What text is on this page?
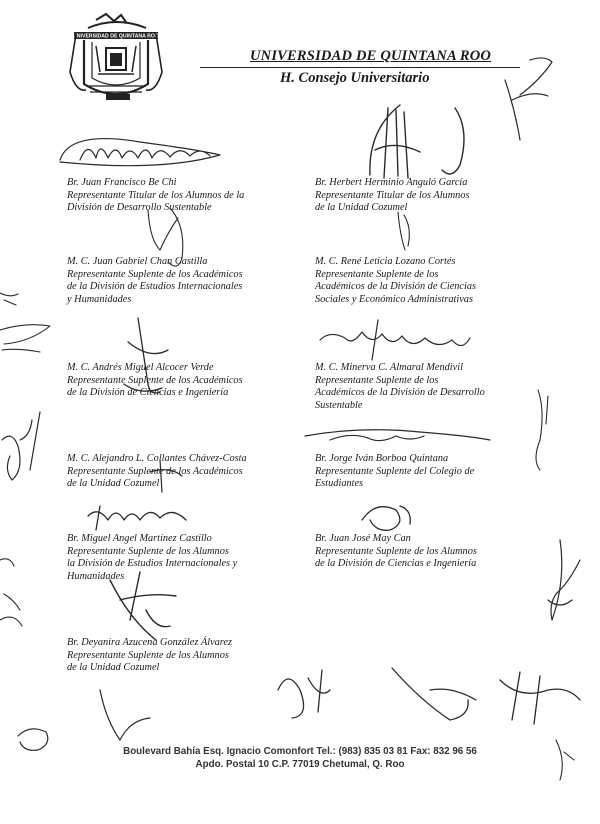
UNIVERSIDAD DE QUINTANA ROO
UNIVERSIDAD DE QUINTANA ROO
H. Consejo Universitario
Br. Juan Francisco Be Chi
Representante Titular de los Alumnos de la
División de Desarrollo Sustentable
Br. Herbert Herminio Anguló García
Representante Titular de los Alumnos
de la Unidad Cozumel
M. C. Juan Gabriel Chan Castilla
Representante Suplente de los Académicos
de la División de Estudios Internacionales
y Humanidades
M. C. René Leticia Lozano Cortés
Representante Suplente de los
Académicos de la División de Ciencias
Sociales y Económico Administrativas
M. C. Andrés Miguel Alcocer Verde
Representante Suplente de los Académicos
de la División de Ciencias e Ingeniería
M. C. Minerva C. Almaral Mendivil
Representante Suplente de los
Académicos de la División de Desarrollo
Sustentable
M. C. Alejandro L. Collantes Chávez-Costa
Representante Suplente de los Académicos
de la Unidad Cozumel
Br. Jorge Iván Borboa Quintana
Representante Suplente del Colegio de
Estudiantes
Br. Miguel Angel Martínez Castillo
Representante Suplente de los Alumnos
la División de Estudios Internacionales y
Humanidades
Br. Juan José May Can
Representante Suplente de los Alumnos
de la División de Ciencias e Ingeniería
Br. Deyanira Azucena González Álvarez
Representante Suplente de los Alumnos
de la Unidad Cozumel
Boulevard Bahía Esq. Ignacio Comonfort Tel.: (983) 835 03 81 Fax: 832 96 56
Apdo. Postal 10 C.P. 77019 Chetumal, Q. Roo
